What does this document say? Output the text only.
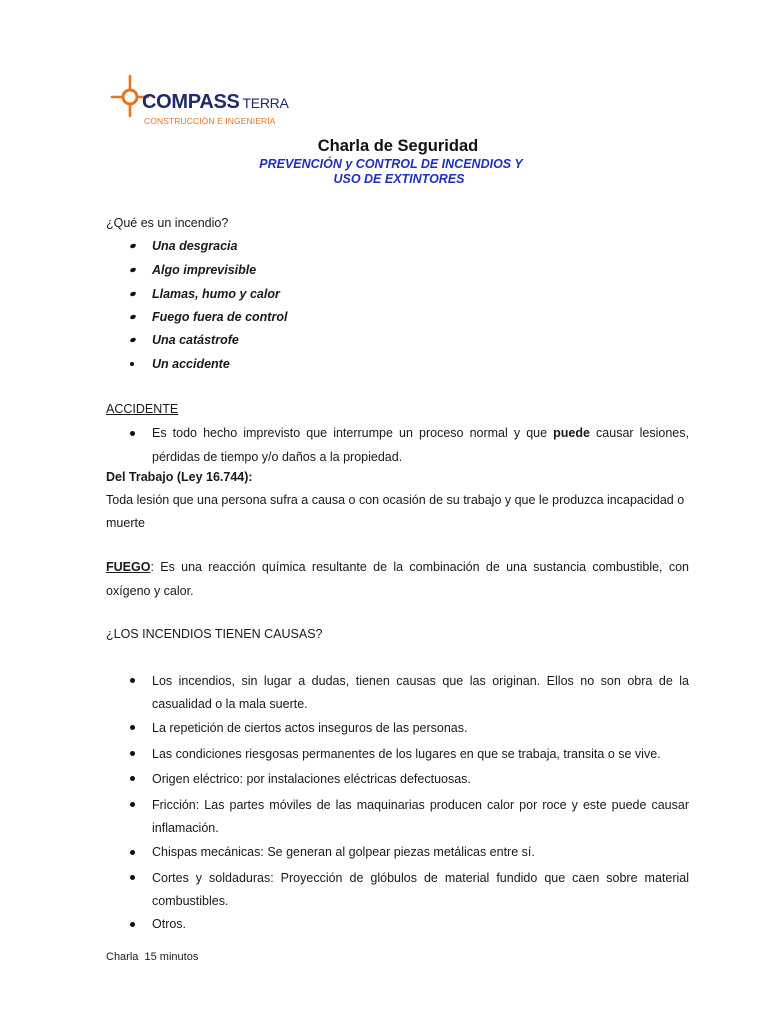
COMPASS TERRA
CONSTRUCCIÓN E INGENIERÍA
Charla de Seguridad
PREVENCIÓN y CONTROL DE INCENDIOS Y
USO DE EXTINTORES
¿Qué es un incendio?
Una desgracia
Algo imprevisible
Llamas, humo y calor
Fuego fuera de control
Una catástrofe
Un accidente
ACCIDENTE
Es todo hecho imprevisto que interrumpe un proceso normal y que puede causar lesiones,
pérdidas de tiempo y/o daños a la propiedad.
Del Trabajo (Ley 16.744):
Toda lesión que una persona sufra a causa o con ocasión de su trabajo y que le produzca incapacidad o
muerte
FUEGO: Es una reacción química resultante de la combinación de una sustancia combustible, con
oxígeno y calor.
¿LOS INCENDIOS TIENEN CAUSAS?
Los incendios, sin lugar a dudas, tienen causas que las originan. Ellos no son obra de la
casualidad o la mala suerte.
La repetición de ciertos actos inseguros de las personas.
Las condiciones riesgosas permanentes de los lugares en que se trabaja, transita o se vive.
Origen eléctrico: por instalaciones eléctricas defectuosas.
Fricción: Las partes móviles de las maquinarias producen calor por roce y este puede causar
inflamación.
Chispas mecánicas: Se generan al golpear piezas metálicas entre sí.
Cortes y soldaduras: Proyección de glóbulos de material fundido que caen sobre material
combustibles.
Otros.
Charla  15 minutos
